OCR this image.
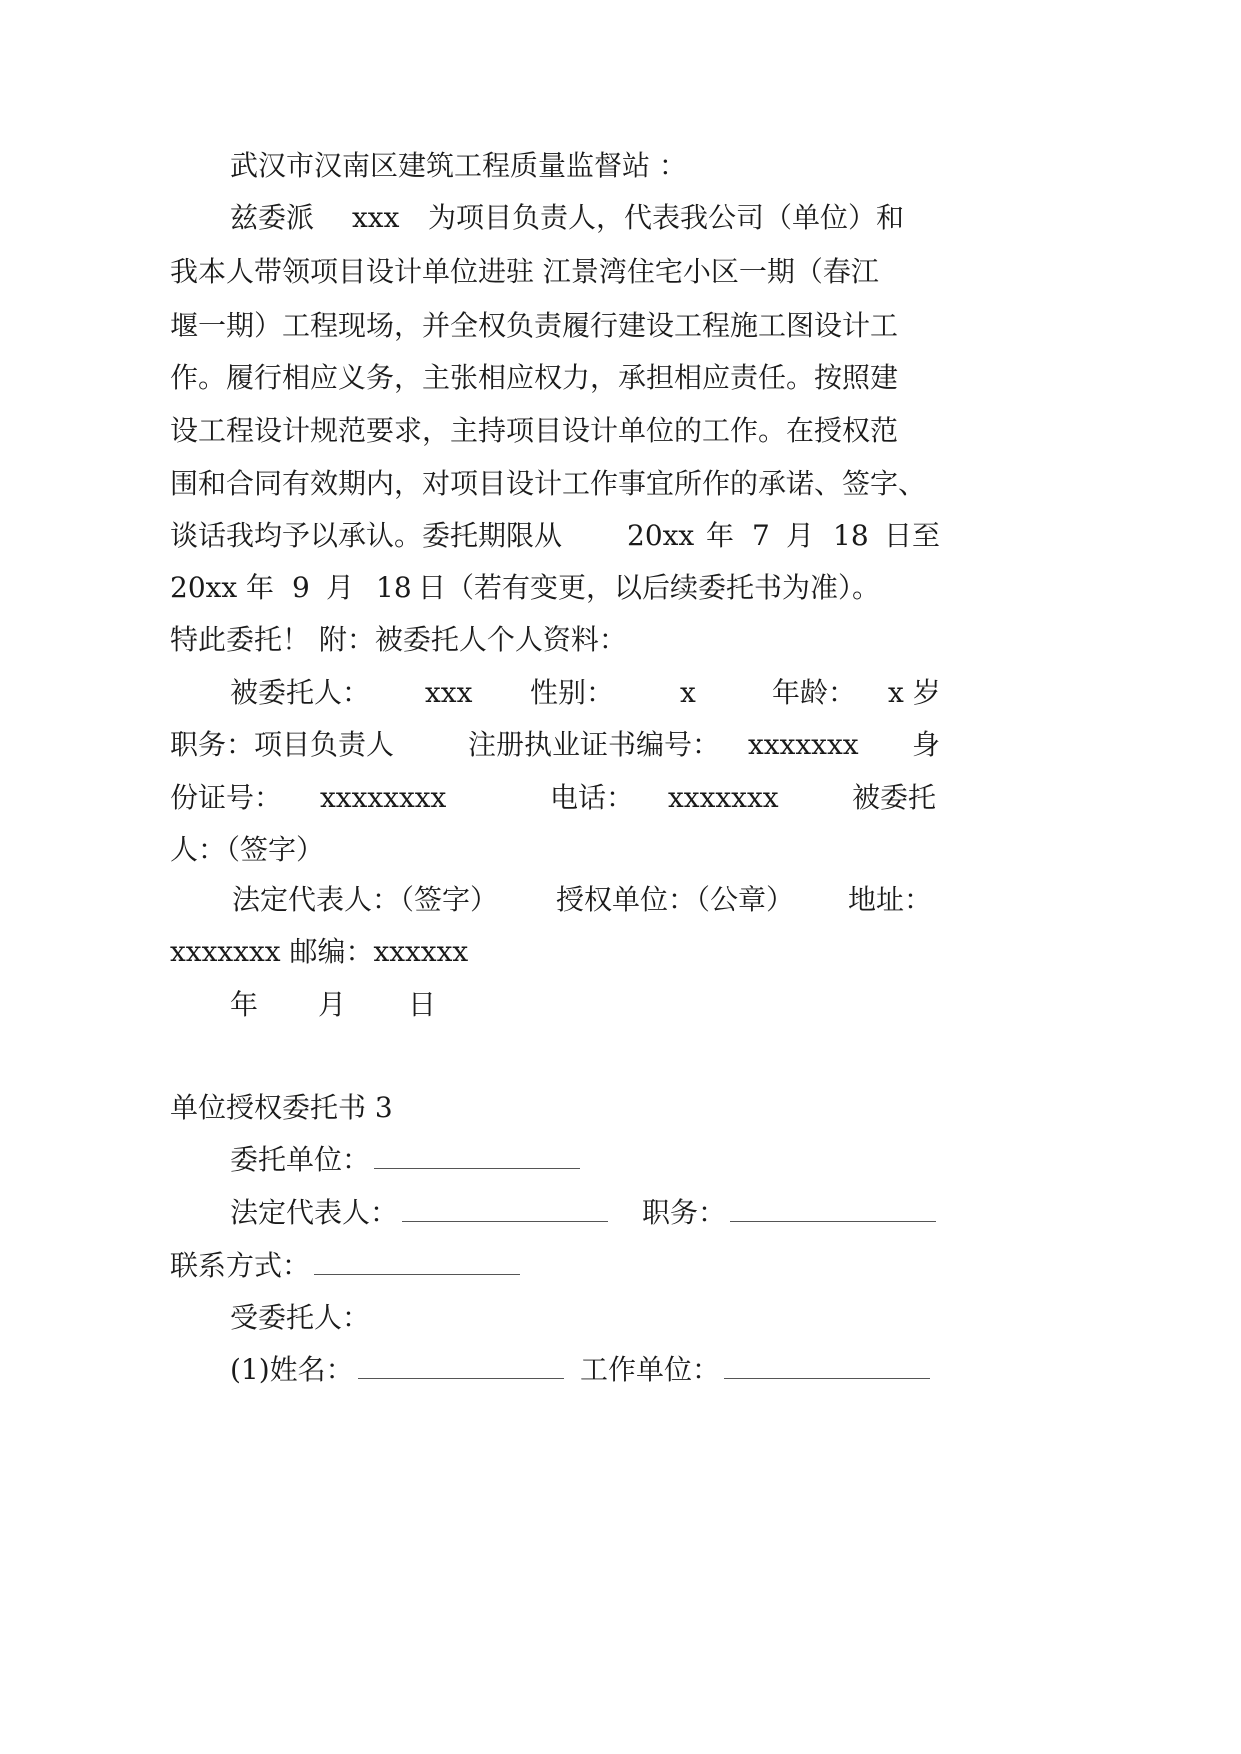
武汉市汉南区建筑工程质量监督站 ：
兹委派 xxx 为项目负责人，代表我公司（单位）和
我本人带领项目设计单位进驻 江景湾住宅小区一期（春江
堰一期）工程现场，并全权负责履行建设工程施工图设计工
作。履行相应义务，主张相应权力，承担相应责任。按照建
设工程设计规范要求，主持项目设计单位的工作。在授权范
围和合同有效期内，对项目设计工作事宜所作的承诺、签字、
谈话我均予以承认。委托期限从 20xx 年 7 月 18 日至
20xx 年 9 月 18 日（若有变更，以后续委托书为准）。
特此委托！ 附：被委托人个人资料：
被委托人： xxx 性别： x	年龄： x 岁
职务：项目负责人	注册执业证书编号： xxxxxxx 身
份证号： xxxxxxxx	电话： xxxxxxx	被委托
人：（签字）
法定代表人：（签字） 授权单位：（公章） 地址：
xxxxxxx 邮编：xxxxxx
年 月 日
单位授权委托书 3
委托单位：
法定代表人：	职务：
联系方式：
受委托人：
(1)姓名：	工作单位：
